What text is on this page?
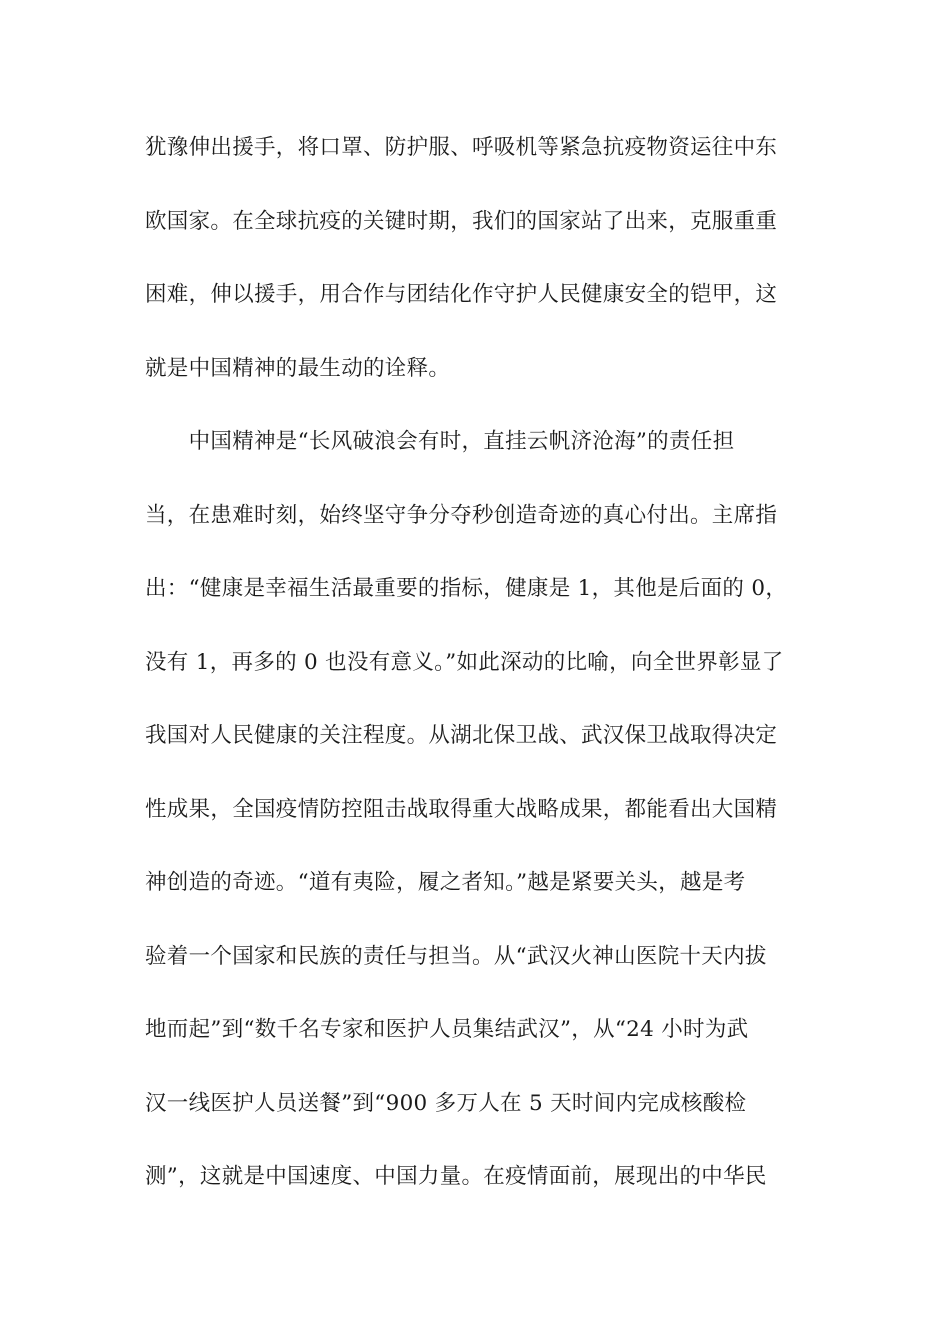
犹豫伸出援手，将口罩、防护服、呼吸机等紧急抗疫物资运往中东
欧国家。在全球抗疫的关键时期，我们的国家站了出来，克服重重
困难，伸以援手，用合作与团结化作守护人民健康安全的铠甲，这
就是中国精神的最生动的诠释。
　　中国精神是“长风破浪会有时，直挂云帆济沧海”的责任担
当，在患难时刻，始终坚守争分夺秒创造奇迹的真心付出。主席指
出：“健康是幸福生活最重要的指标，健康是 1，其他是后面的 0，
没有 1，再多的 0 也没有意义。”如此深动的比喻，向全世界彰显了
我国对人民健康的关注程度。从湖北保卫战、武汉保卫战取得决定
性成果，全国疫情防控阻击战取得重大战略成果，都能看出大国精
神创造的奇迹。“道有夷险，履之者知。”越是紧要关头，越是考
验着一个国家和民族的责任与担当。从“武汉火神山医院十天内拔
地而起”到“数千名专家和医护人员集结武汉”，从“24 小时为武
汉一线医护人员送餐”到“900 多万人在 5 天时间内完成核酸检
测”，这就是中国速度、中国力量。在疫情面前，展现出的中华民
